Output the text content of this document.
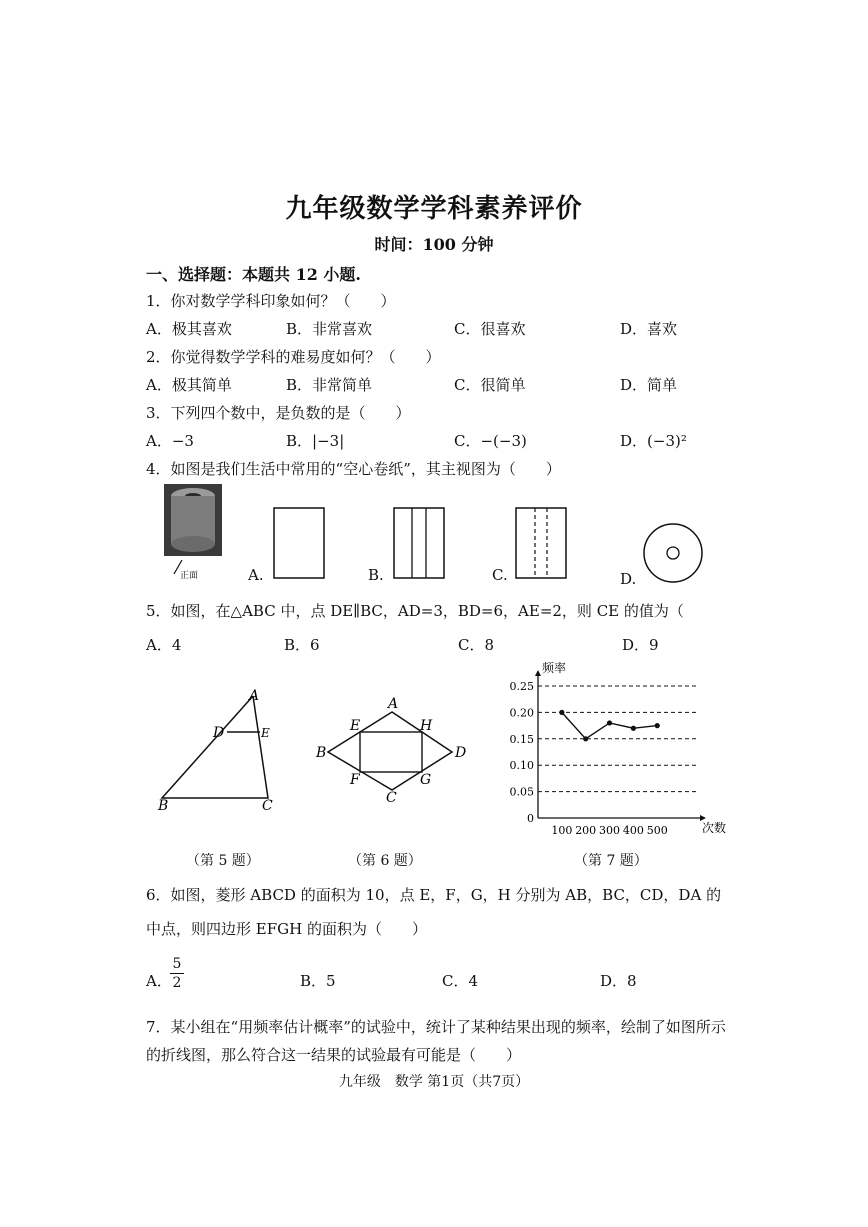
九年级数学学科素养评价
时间：100 分钟
一、选择题：本题共 12 小题.
1．你对数学学科印象如何？（　　）
A．极其喜欢	B．非常喜欢	C．很喜欢	D．喜欢
2．你觉得数学学科的难易度如何？（　　）
A．极其简单	B．非常简单	C．很简单	D．简单
3．下列四个数中，是负数的是（　　）
A．−3	B．|−3|	C．−(−3)	D．(−3)²
4．如图是我们生活中常用的“空心卷纸”，其主视图为（　　）
正面	A.	B.	C.	D.
5．如图，在△ABC 中，点 DE∥BC，AD=3，BD=6，AE=2，则 CE 的值为（
A．4	B．6	C．8	D．9
A
D	E
B	C
（第 5 题）
A
E	H
B	D
F	G
C
（第 6 题）
0
0.05
0.10
0.15
0.20
0.25
频率
次数
100 200 300 400 500
（第 7 题）
6．如图，菱形 ABCD 的面积为 10，点 E，F，G，H 分别为 AB，BC，CD，DA 的
中点，则四边形 EFGH 的面积为（　　）
A．
5
2	B．5	C．4	D．8
7．某小组在“用频率估计概率”的试验中，统计了某种结果出现的频率，绘制了如图所示
的折线图，那么符合这一结果的试验最有可能是（　　）
九年级　数学 第1页（共7页）
